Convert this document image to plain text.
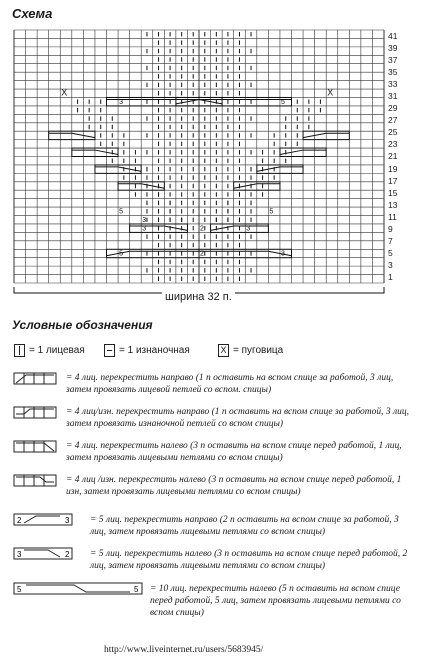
Схема
3	5
5	3
2
3	3
2
3
5	5
X	X
41
39
37
35
33
31
29
27
25
23
21
19
17
15
13
11
9
7
5
3
1
ширина 32 п.
Условные обозначения
= 1 лицевая	= 1 изнаночная	X = пуговица
= 4 лиц. перекрестить направо (1 п оставить на вспом спице за работой, 3 лиц, затем провязать лицевой петлей со вспом. спицы)
= 4 лиц/изн. перекрестить направо (1 п оставить на вспом спице за работой, 3 лиц, затем провязать изнаночной петлей со вспом спицы)
= 4 лиц. перекрестить налево (3 п оставить на вспом спице перед работой, 1 лиц, затем провязать лицевыми петлями со вспом спицы)
= 4 лиц /изн. перекрестить налево (3 п оставить на вспом спице перед работой, 1 изн, затем провязать лицевыми петлями со вспом спицы)
2	3 = 5 лиц. перекрестить направо (2 п оставить на вспом спице за работой, 3 лиц, затем провязать лицевыми петлями со вспом спицы)
3	2 = 5 лиц. перекрестить налево (3 п оставить на вспом спице перед работой, 2 лиц, затем провязать лицевыми петлями со вспом спицы)
5	5 = 10 лиц. перекрестить налево (5 п оставить на вспом спице перед работой, 5 лиц, затем провязать лицевыми петлями со вспом спицы)
http://www.liveinternet.ru/users/5683945/
